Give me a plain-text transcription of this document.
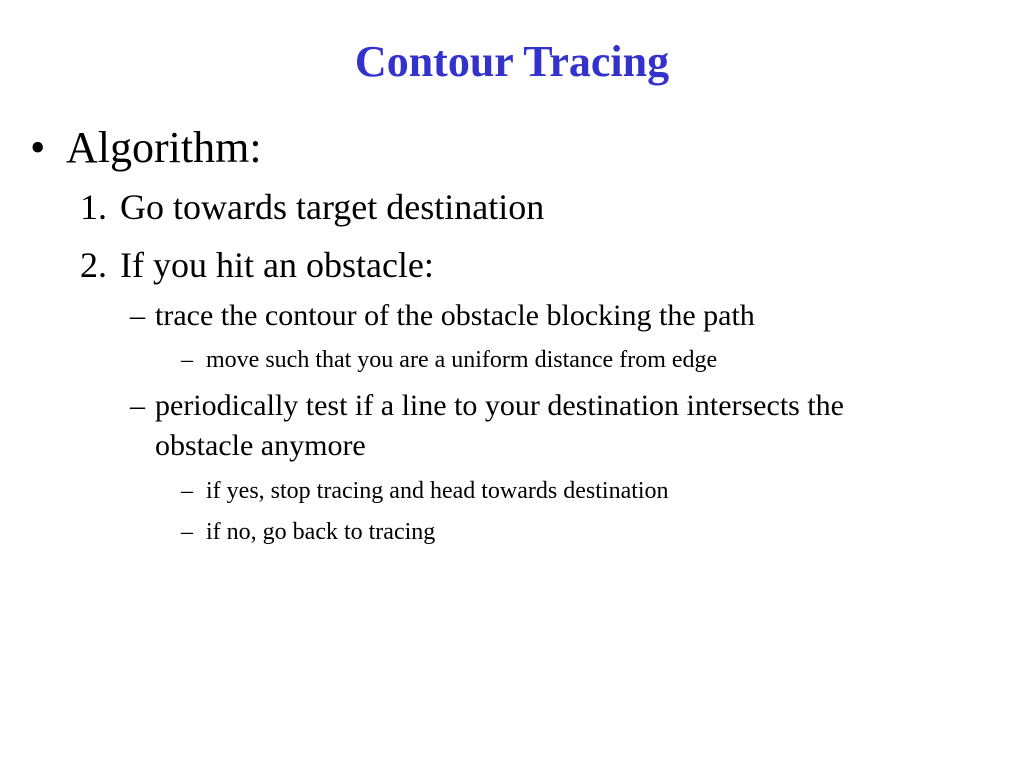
Contour Tracing

• Algorithm:

1. Go towards target destination

2. If you hit an obstacle:

– trace the contour of the obstacle blocking the path

– move such that you are a uniform distance from edge

– periodically test if a line to your destination intersects the
obstacle anymore

– if yes, stop tracing and head towards destination

– if no, go back to tracing
